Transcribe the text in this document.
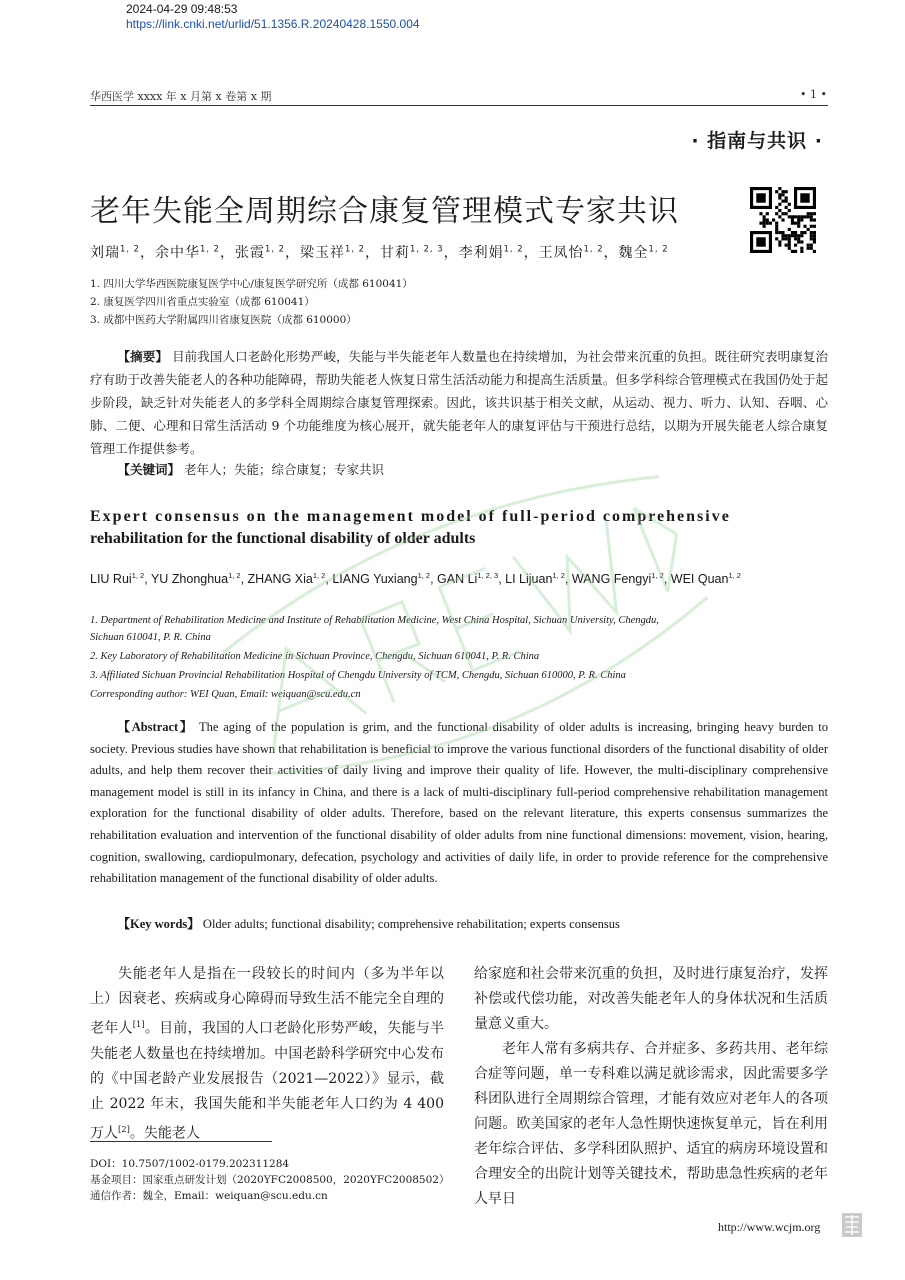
2024-04-29 09:48:53
https://link.cnki.net/urlid/51.1356.R.20240428.1550.004
华西医学 xxxx 年 x 月第 x 卷第 x 期	• 1 •
· 指南与共识 ·
老年失能全周期综合康复管理模式专家共识
刘瑞$^{1, 2}$，余中华$^{1, 2}$，张霞$^{1, 2}$，梁玉祥$^{1, 2}$，甘莉$^{1, 2, 3}$，李利娟$^{1, 2}$，王凤怡$^{1, 2}$，魏全$^{1, 2}$
1. 四川大学华西医院康复医学中心/康复医学研究所（成都 610041）
2. 康复医学四川省重点实验室（成都 610041）
3. 成都中医药大学附属四川省康复医院（成都 610000）
【摘要】 目前我国人口老龄化形势严峻，失能与半失能老年人数量也在持续增加，为社会带来沉重的负担。既往研究表明康复治疗有助于改善失能老人的各种功能障碍，帮助失能老人恢复日常生活活动能力和提高生活质量。但多学科综合管理模式在我国仍处于起步阶段，缺乏针对失能老人的多学科全周期综合康复管理探索。因此，该共识基于相关文献，从运动、视力、听力、认知、吞咽、心肺、二便、心理和日常生活活动 9 个功能维度为核心展开，就失能老年人的康复评估与干预进行总结，以期为开展失能老人综合康复管理工作提供参考。
【关键词】 老年人；失能；综合康复；专家共识
Expert consensus on the management model of full-period comprehensive
rehabilitation for the functional disability of older adults
LIU Rui$^{1, 2}$, YU Zhonghua$^{1, 2}$, ZHANG Xia$^{1, 2}$, LIANG Yuxiang$^{1, 2}$, GAN Li$^{1, 2, 3}$, LI Lijuan$^{1, 2}$, WANG Fengyi$^{1, 2}$, WEI Quan$^{1, 2}$
1. Department of Rehabilitation Medicine and Institute of Rehabilitation Medicine, West China Hospital, Sichuan University, Chengdu,
Sichuan 610041, P. R. China
2. Key Laboratory of Rehabilitation Medicine in Sichuan Province, Chengdu, Sichuan 610041, P. R. China
3. Affiliated Sichuan Provincial Rehabilitation Hospital of Chengdu University of TCM, Chengdu, Sichuan 610000, P. R. China
Corresponding author: WEI Quan, Email: weiquan@scu.edu.cn
【Abstract】 The aging of the population is grim, and the functional disability of older adults is increasing, bringing heavy burden to society. Previous studies have shown that rehabilitation is beneficial to improve the various functional disorders of the functional disability of older adults, and help them recover their activities of daily living and improve their quality of life. However, the multi-disciplinary comprehensive management model is still in its infancy in China, and there is a lack of multi-disciplinary full-period comprehensive rehabilitation management exploration for the functional disability of older adults. Therefore, based on the relevant literature, this experts consensus summarizes the rehabilitation evaluation and intervention of the functional disability of older adults from nine functional dimensions: movement, vision, hearing, cognition, swallowing, cardiopulmonary, defecation, psychology and activities of daily life, in order to provide reference for the comprehensive rehabilitation management of the functional disability of older adults.
【Key words】 Older adults; functional disability; comprehensive rehabilitation; experts consensus
失能老年人是指在一段较长的时间内（多为半年以上）因衰老、疾病或身心障碍而导致生活不能完全自理的老年人[1]。目前，我国的人口老龄化形势严峻，失能与半失能老人数量也在持续增加。中国老龄科学研究中心发布的《中国老龄产业发展报告（2021—2022）》显示，截止 2022 年末，我国失能和半失能老年人口约为 4 400 万人[2]。失能老人
给家庭和社会带来沉重的负担，及时进行康复治疗，发挥补偿或代偿功能，对改善失能老年人的身体状况和生活质量意义重大。
老年人常有多病共存、合并症多、多药共用、老年综合症等问题，单一专科难以满足就诊需求，因此需要多学科团队进行全周期综合管理，才能有效应对老年人的各项问题。欧美国家的老年人急性期快速恢复单元，旨在利用老年综合评估、多学科团队照护、适宜的病房环境设置和合理安全的出院计划等关键技术，帮助患急性疾病的老年人早日
DOI：10.7507/1002-0179.202311284
基金项目：国家重点研发计划（2020YFC2008500，2020YFC2008502）
通信作者：魏全，Email：weiquan@scu.edu.cn
http://www.wcjm.org
